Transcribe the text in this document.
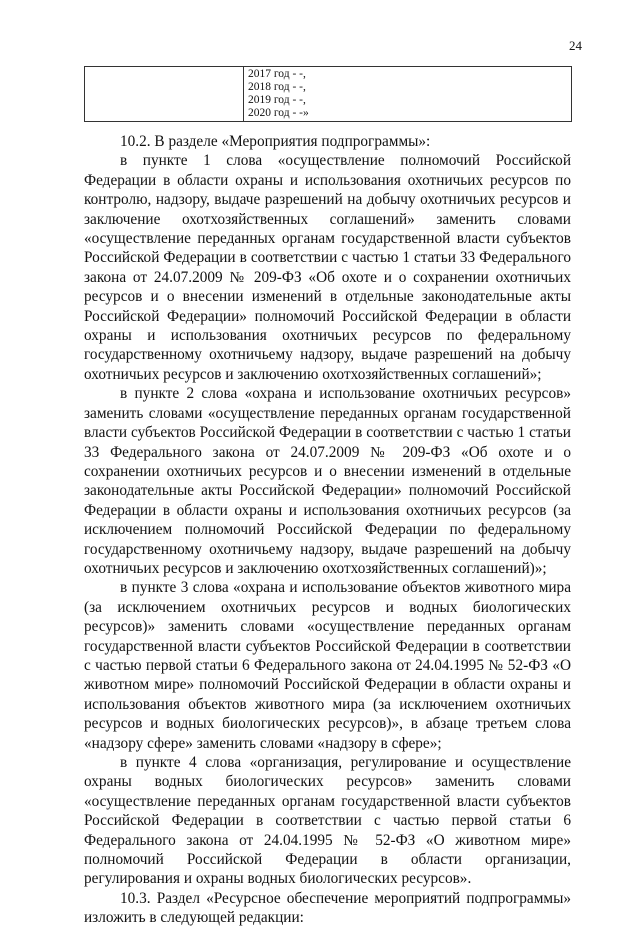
24

2017 год - -,
2018 год - -,
2019 год - -,
2020 год - -»

10.2. В разделе «Мероприятия подпрограммы»:

в пункте 1 слова «осуществление полномочий Российской Федерации в области охраны и использования охотничьих ресурсов по контролю, надзору, выдаче разрешений на добычу охотничьих ресурсов и заключение охотхозяйственных соглашений» заменить словами «осуществление переданных органам государственной власти субъектов Российской Федерации в соответствии с частью 1 статьи 33 Федерального закона от 24.07.2009 № 209-ФЗ «Об охоте и о сохранении охотничьих ресурсов и о внесении изменений в отдельные законодательные акты Российской Федерации» полномочий Российской Федерации в области охраны и использования охотничьих ресурсов по федеральному государственному охотничьему надзору, выдаче разрешений на добычу охотничьих ресурсов и заключению охотхозяйственных соглашений»;

в пункте 2 слова «охрана и использование охотничьих ресурсов» заменить словами «осуществление переданных органам государственной власти субъектов Российской Федерации в соответствии с частью 1 статьи 33 Федерального закона от 24.07.2009 № 209-ФЗ «Об охоте и о сохранении охотничьих ресурсов и о внесении изменений в отдельные законодательные акты Российской Федерации» полномочий Российской Федерации в области охраны и использования охотничьих ресурсов (за исключением полномочий Российской Федерации по федеральному государственному охотничьему надзору, выдаче разрешений на добычу охотничьих ресурсов и заключению охотхозяйственных соглашений)»;

в пункте 3 слова «охрана и использование объектов животного мира (за исключением охотничьих ресурсов и водных биологических ресурсов)» заменить словами «осуществление переданных органам государственной власти субъектов Российской Федерации в соответствии с частью первой статьи 6 Федерального закона от 24.04.1995 № 52-ФЗ «О животном мире» полномочий Российской Федерации в области охраны и использования объектов животного мира (за исключением охотничьих ресурсов и водных биологических ресурсов)», в абзаце третьем слова «надзору сфере» заменить словами «надзору в сфере»;

в пункте 4 слова «организация, регулирование и осуществление охраны водных биологических ресурсов» заменить словами «осуществление переданных органам государственной власти субъектов Российской Федерации в соответствии с частью первой статьи 6 Федерального закона от 24.04.1995 № 52-ФЗ «О животном мире» полномочий Российской Федерации в области организации, регулирования и охраны водных биологических ресурсов».

10.3. Раздел «Ресурсное обеспечение мероприятий подпрограммы» изложить в следующей редакции:
